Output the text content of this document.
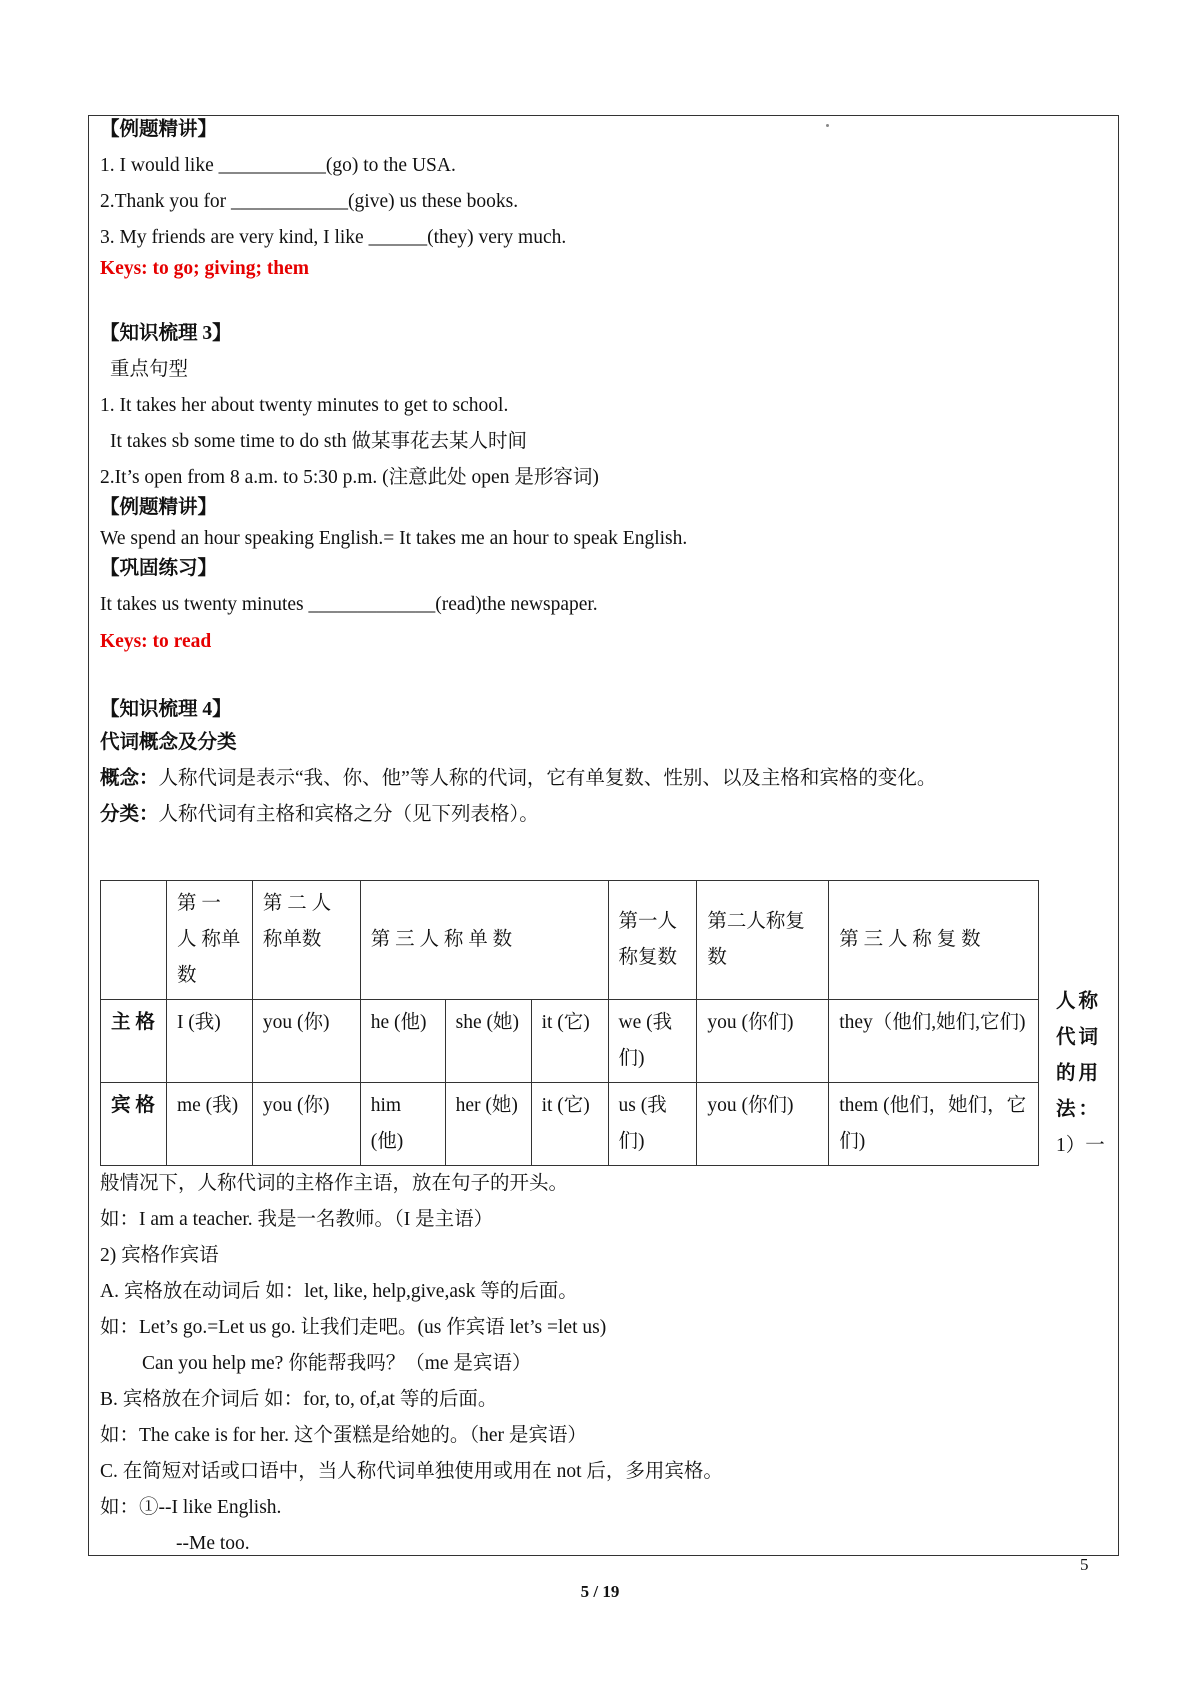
【例题精讲】
1. I would like ___________(go) to the USA.
2.Thank you for ____________(give) us these books.
3. My friends are very kind, I like ______(they) very much.
Keys: to go; giving; them
【知识梳理 3】
重点句型
1. It takes her about twenty minutes to get to school.
It takes sb some time to do sth 做某事花去某人时间
2.It’s open from 8 a.m. to 5:30 p.m. (注意此处 open 是形容词)
【例题精讲】
We spend an hour speaking English.= It takes me an hour to speak English.
【巩固练习】
It takes us twenty minutes _____________(read)the newspaper.
Keys: to read
【知识梳理 4】
代词概念及分类
概念：人称代词是表示“我、你、他”等人称的代词，它有单复数、性别、以及主格和宾格的变化。
分类：人称代词有主格和宾格之分（见下列表格）。
	第 一 人 称单数	第 二 人 称单数	第 三 人 称 单 数			第一人称复数	第二人称复数	第 三 人 称 复 数
主 格	I (我)	you (你)	he (他)	she (她)	it (它)	we (我们)	you (你们)	they（他们,她们,它们)
宾 格	me (我)	you (你)	him (他)	her (她)	it (它)	us (我们)	you (你们)	them (他们，她们，它们)
人称代词的用法：
1）一
般情况下，人称代词的主格作主语，放在句子的开头。
如：I am a teacher. 我是一名教师。（I 是主语）
2) 宾格作宾语
A. 宾格放在动词后 如：let, like, help,give,ask 等的后面。
如：Let’s go.=Let us go. 让我们走吧。(us 作宾语 let’s =let us)
Can you help me? 你能帮我吗？（me 是宾语）
B. 宾格放在介词后 如：for, to, of,at 等的后面。
如：The cake is for her. 这个蛋糕是给她的。（her 是宾语）
C. 在简短对话或口语中，当人称代词单独使用或用在 not 后，多用宾格。
如：①--I like English.
--Me too.
5
5 / 19
